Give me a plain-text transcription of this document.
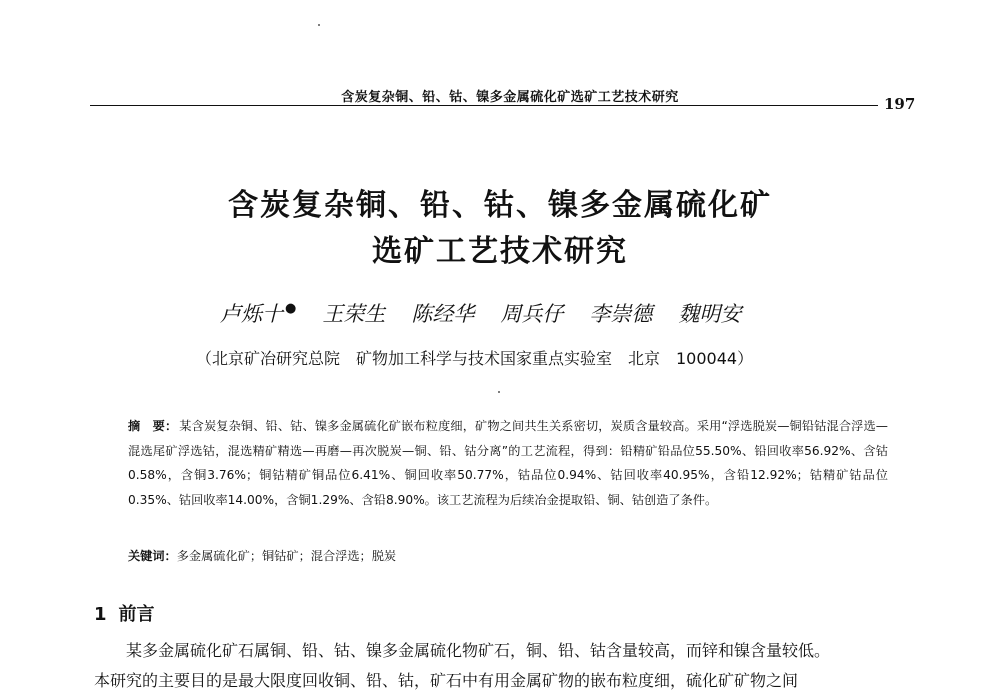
含炭复杂铜、铅、钴、镍多金属硫化矿选矿工艺技术研究	197
含炭复杂铜、铅、钴、镍多金属硫化矿
选矿工艺技术研究
卢烁十 ● 王荣生 陈经华 周兵仔 李崇德 魏明安
（北京矿冶研究总院　矿物加工科学与技术国家重点实验室　北京　100044）
摘　要： 某含炭复杂铜、铅、钴、镍多金属硫化矿嵌布粒度细，矿物之间共生关系密切，炭质含量较高。采用“浮选脱炭—铜铅钴混合浮选—混选尾矿浮选钴，混选精矿精选—再磨—再次脱炭—铜、铅、钴分离”的工艺流程，得到：铅精矿铅品位55.50%、铅回收率56.92%、含钴0.58%，含铜3.76%；铜钴精矿铜品位6.41%、铜回收率50.77%，钴品位0.94%、钴回收率40.95%，含铅12.92%；钴精矿钴品位0.35%、钴回收率14.00%，含铜1.29%、含铅8.90%。该工艺流程为后续冶金提取铅、铜、钴创造了条件。
关键词：多金属硫化矿；铜钴矿；混合浮选；脱炭
1 前言
某多金属硫化矿石属铜、铅、钴、镍多金属硫化物矿石，铜、铅、钴含量较高，而锌和镍含量较低。
本研究的主要目的是最大限度回收铜、铅、钴，矿石中有用金属矿物的嵌布粒度细，硫化矿矿物之间
